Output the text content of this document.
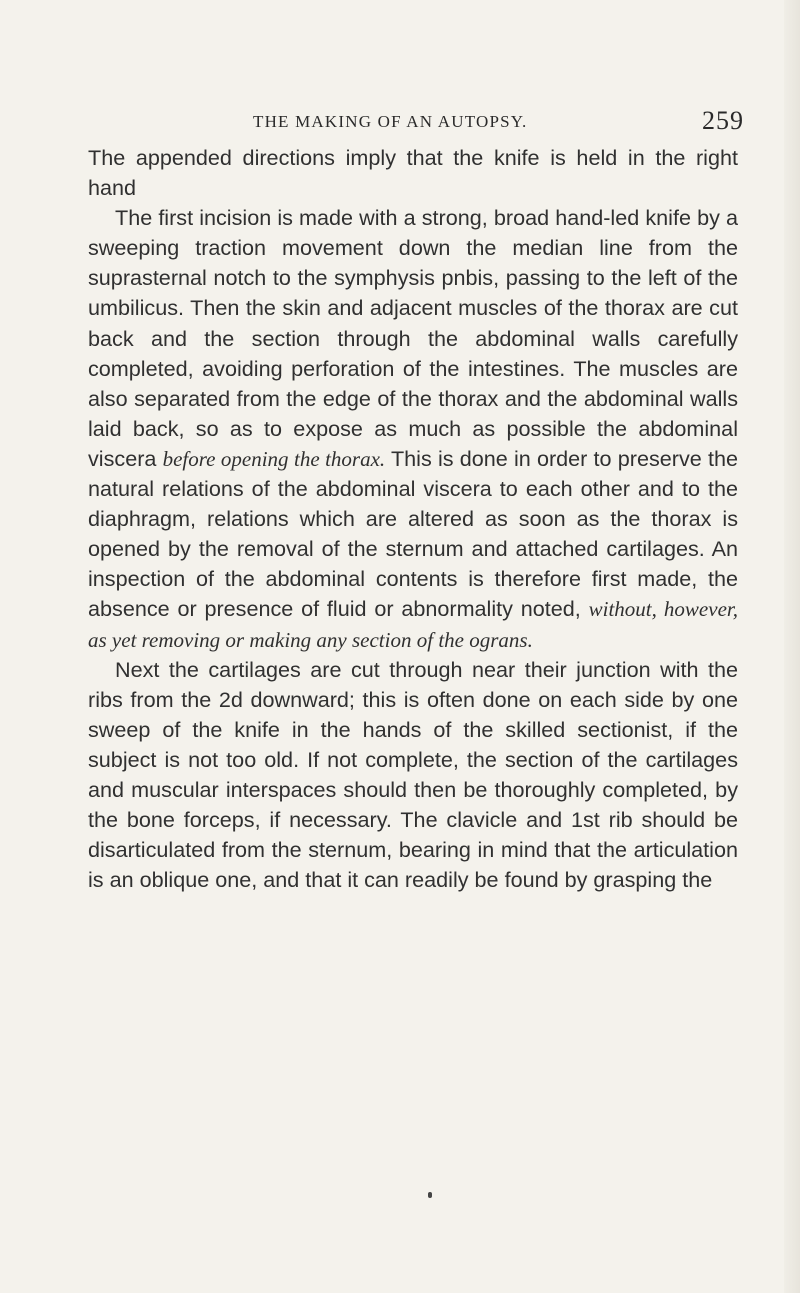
THE MAKING OF AN AUTOPSY.	259

The appended directions imply that the knife is held in the right hand

The first incision is made with a strong, broad hand-led knife by a sweeping traction movement down the median line from the suprasternal notch to the symphysis pnbis, passing to the left of the umbilicus. Then the skin and adjacent muscles of the thorax are cut back and the section through the abdominal walls carefully completed, avoiding perforation of the intestines. The muscles are also separated from the edge of the thorax and the abdominal walls laid back, so as to expose as much as possible the abdominal viscera before opening the thorax. This is done in order to preserve the natural relations of the abdominal viscera to each other and to the diaphragm, relations which are altered as soon as the thorax is opened by the removal of the sternum and attached cartilages. An inspection of the abdominal contents is therefore first made, the absence or presence of fluid or abnormality noted, without, however, as yet removing or making any section of the ograns.

Next the cartilages are cut through near their junction with the ribs from the 2d downward; this is often done on each side by one sweep of the knife in the hands of the skilled sectionist, if the subject is not too old. If not complete, the section of the cartilages and muscular interspaces should then be thoroughly completed, by the bone forceps, if necessary. The clavicle and 1st rib should be disarticulated from the sternum, bearing in mind that the articulation is an oblique one, and that it can readily be found by grasping the
